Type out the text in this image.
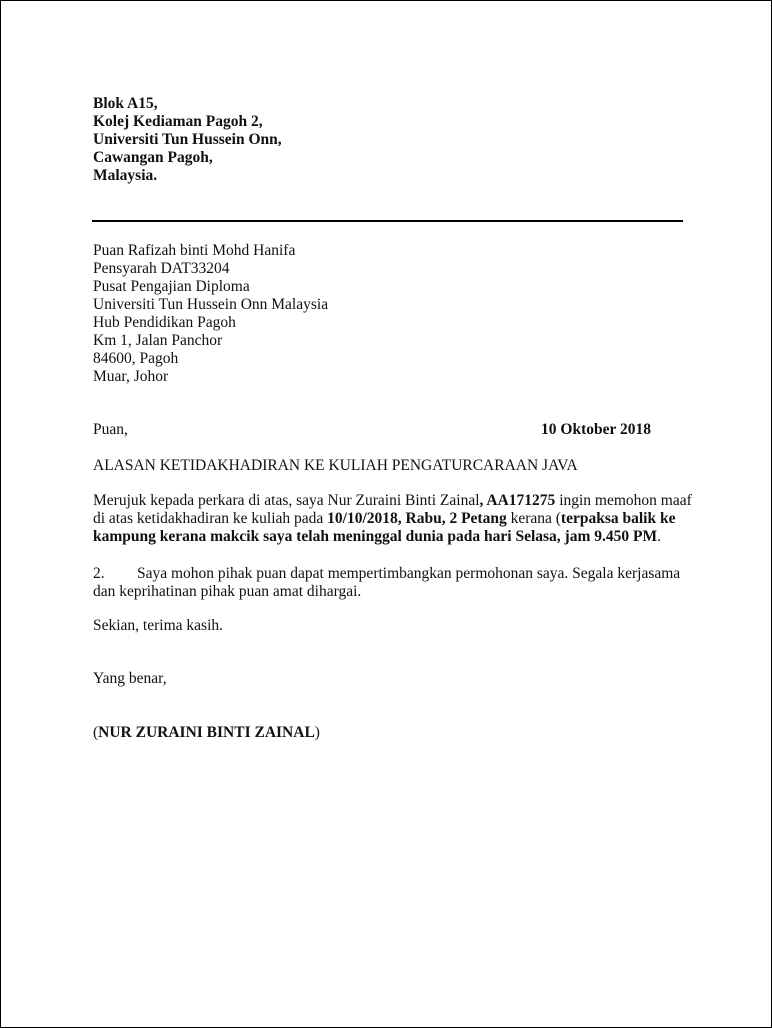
Blok A15,
Kolej Kediaman Pagoh 2,
Universiti Tun Hussein Onn,
Cawangan Pagoh,
Malaysia.
Puan Rafizah binti Mohd Hanifa
Pensyarah DAT33204
Pusat Pengajian Diploma
Universiti Tun Hussein Onn Malaysia
Hub Pendidikan Pagoh
Km 1, Jalan Panchor
84600, Pagoh
Muar, Johor
Puan,	10 Oktober 2018
ALASAN KETIDAKHADIRAN KE KULIAH PENGATURCARAAN JAVA
Merujuk kepada perkara di atas, saya Nur Zuraini Binti Zainal, AA171275 ingin memohon maaf
di atas ketidakhadiran ke kuliah pada 10/10/2018, Rabu, 2 Petang kerana (terpaksa balik ke
kampung kerana makcik saya telah meninggal dunia pada hari Selasa, jam 9.450 PM.
2. Saya mohon pihak puan dapat mempertimbangkan permohonan saya. Segala kerjasama
dan keprihatinan pihak puan amat dihargai.
Sekian, terima kasih.
Yang benar,
(NUR ZURAINI BINTI ZAINAL)
